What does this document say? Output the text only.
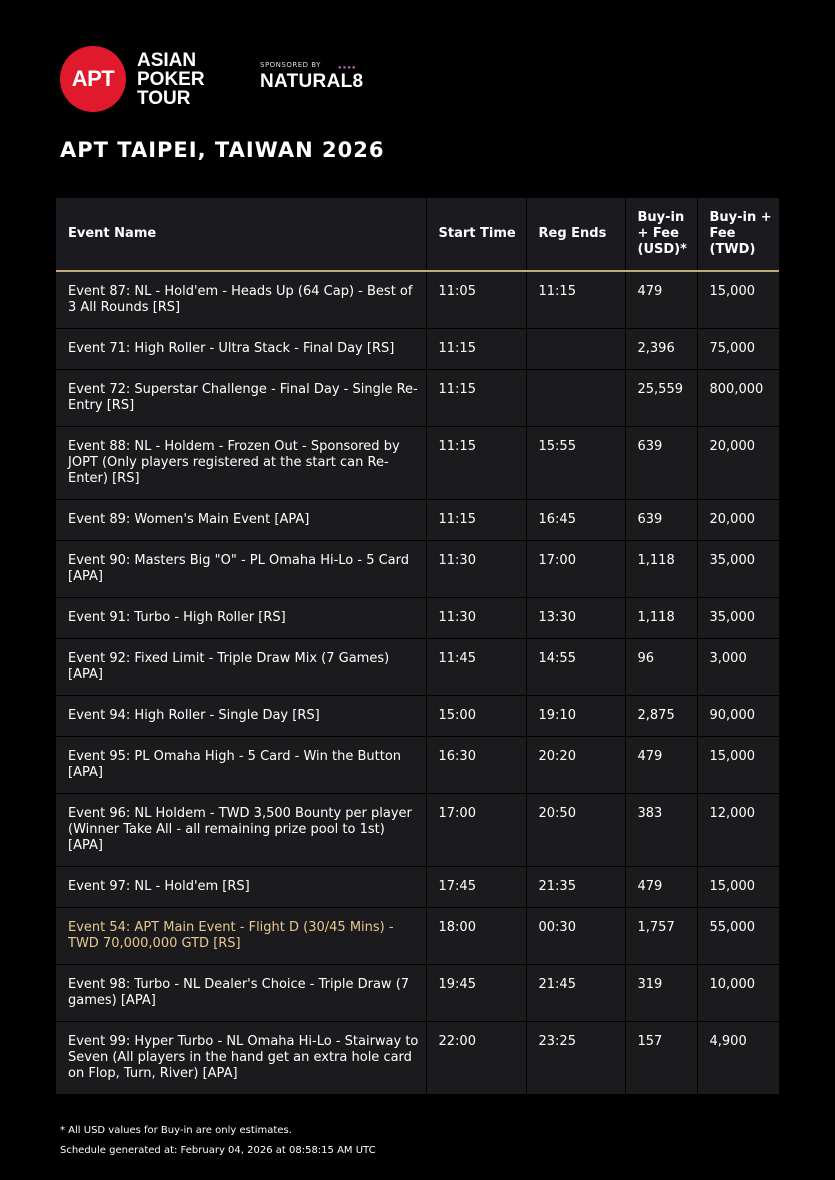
APT
ASIAN
POKER
TOUR
SPONSORED BY	●●●●
NATURAL8
APT TAIPEI, TAIWAN 2026
Event Name	Start Time	Reg Ends	Buy-in + Fee (USD)*	Buy-in + Fee (TWD)
Event 87: NL - Hold'em - Heads Up (64 Cap) - Best of 3 All Rounds [RS]	11:05	11:15	479	15,000
Event 71: High Roller - Ultra Stack - Final Day [RS]	11:15		2,396	75,000
Event 72: Superstar Challenge - Final Day - Single Re-Entry [RS]	11:15		25,559	800,000
Event 88: NL - Holdem - Frozen Out - Sponsored by JOPT (Only players registered at the start can Re-Enter) [RS]	11:15	15:55	639	20,000
Event 89: Women's Main Event [APA]	11:15	16:45	639	20,000
Event 90: Masters Big "O" - PL Omaha Hi-Lo - 5 Card [APA]	11:30	17:00	1,118	35,000
Event 91: Turbo - High Roller [RS]	11:30	13:30	1,118	35,000
Event 92: Fixed Limit - Triple Draw Mix (7 Games) [APA]	11:45	14:55	96	3,000
Event 94: High Roller - Single Day [RS]	15:00	19:10	2,875	90,000
Event 95: PL Omaha High - 5 Card - Win the Button [APA]	16:30	20:20	479	15,000
Event 96: NL Holdem - TWD 3,500 Bounty per player (Winner Take All - all remaining prize pool to 1st) [APA]	17:00	20:50	383	12,000
Event 97: NL - Hold'em [RS]	17:45	21:35	479	15,000
Event 54: APT Main Event - Flight D (30/45 Mins) - TWD 70,000,000 GTD [RS]	18:00	00:30	1,757	55,000
Event 98: Turbo - NL Dealer's Choice - Triple Draw (7 games) [APA]	19:45	21:45	319	10,000
Event 99: Hyper Turbo - NL Omaha Hi-Lo - Stairway to Seven (All players in the hand get an extra hole card on Flop, Turn, River) [APA]	22:00	23:25	157	4,900
* All USD values for Buy-in are only estimates.
Schedule generated at: February 04, 2026 at 08:58:15 AM UTC
